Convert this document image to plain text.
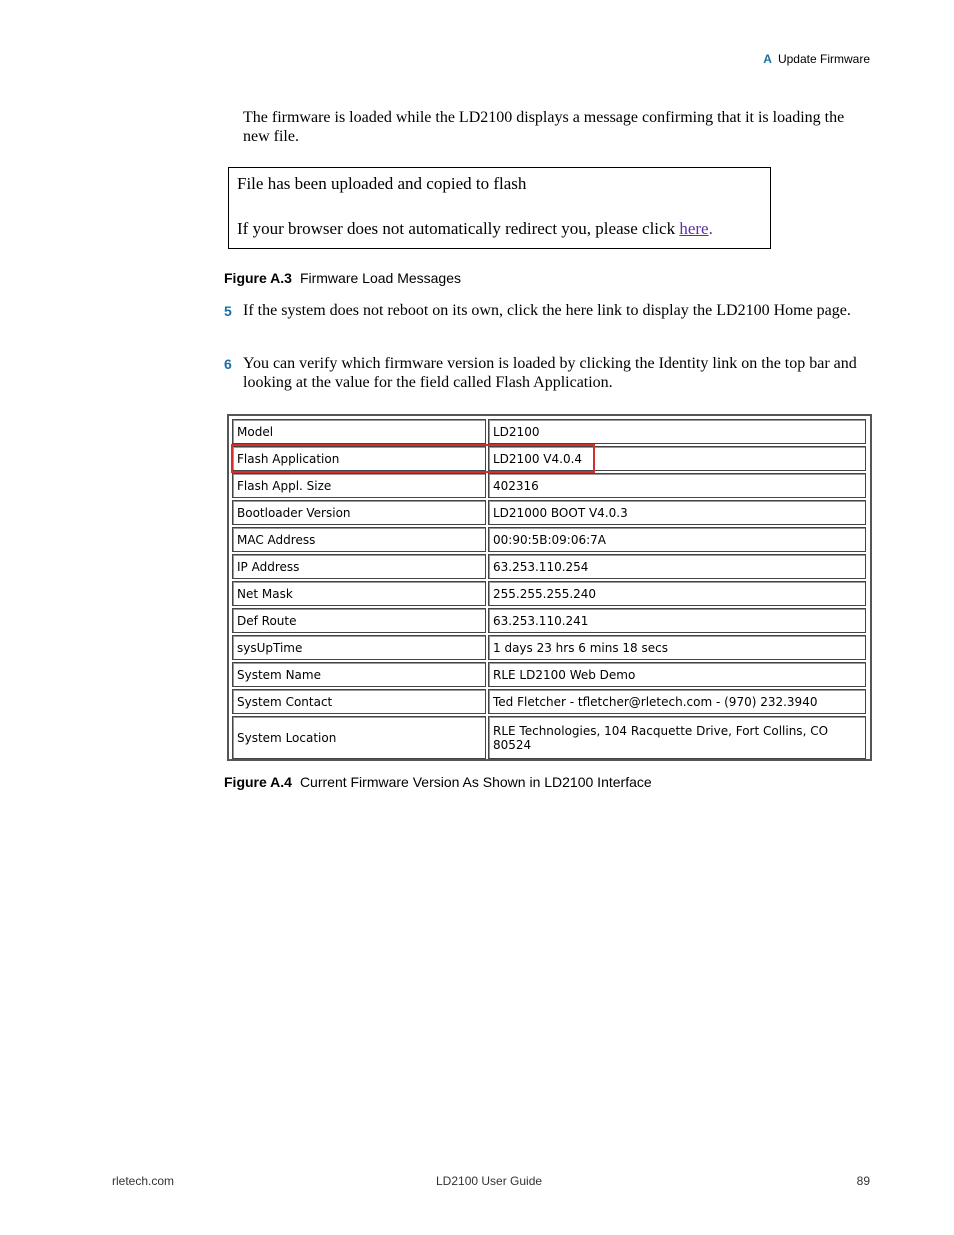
A Update Firmware
The firmware is loaded while the LD2100 displays a message confirming that it is loading the new file.
File has been uploaded and copied to flash
If your browser does not automatically redirect you, please click here.
Figure A.3 Firmware Load Messages
5 If the system does not reboot on its own, click the here link to display the LD2100 Home page.
6 You can verify which firmware version is loaded by clicking the Identity link on the top bar and looking at the value for the field called Flash Application.
Model	LD2100
Flash Application	LD2100 V4.0.4
Flash Appl. Size	402316
Bootloader Version	LD21000 BOOT V4.0.3
MAC Address	00:90:5B:09:06:7A
IP Address	63.253.110.254
Net Mask	255.255.255.240
Def Route	63.253.110.241
sysUpTime	1 days 23 hrs 6 mins 18 secs
System Name	RLE LD2100 Web Demo
System Contact	Ted Fletcher - tfletcher@rletech.com - (970) 232.3940
System Location	RLE Technologies, 104 Racquette Drive, Fort Collins, CO 80524
Figure A.4 Current Firmware Version As Shown in LD2100 Interface
rletech.com	LD2100 User Guide	89
